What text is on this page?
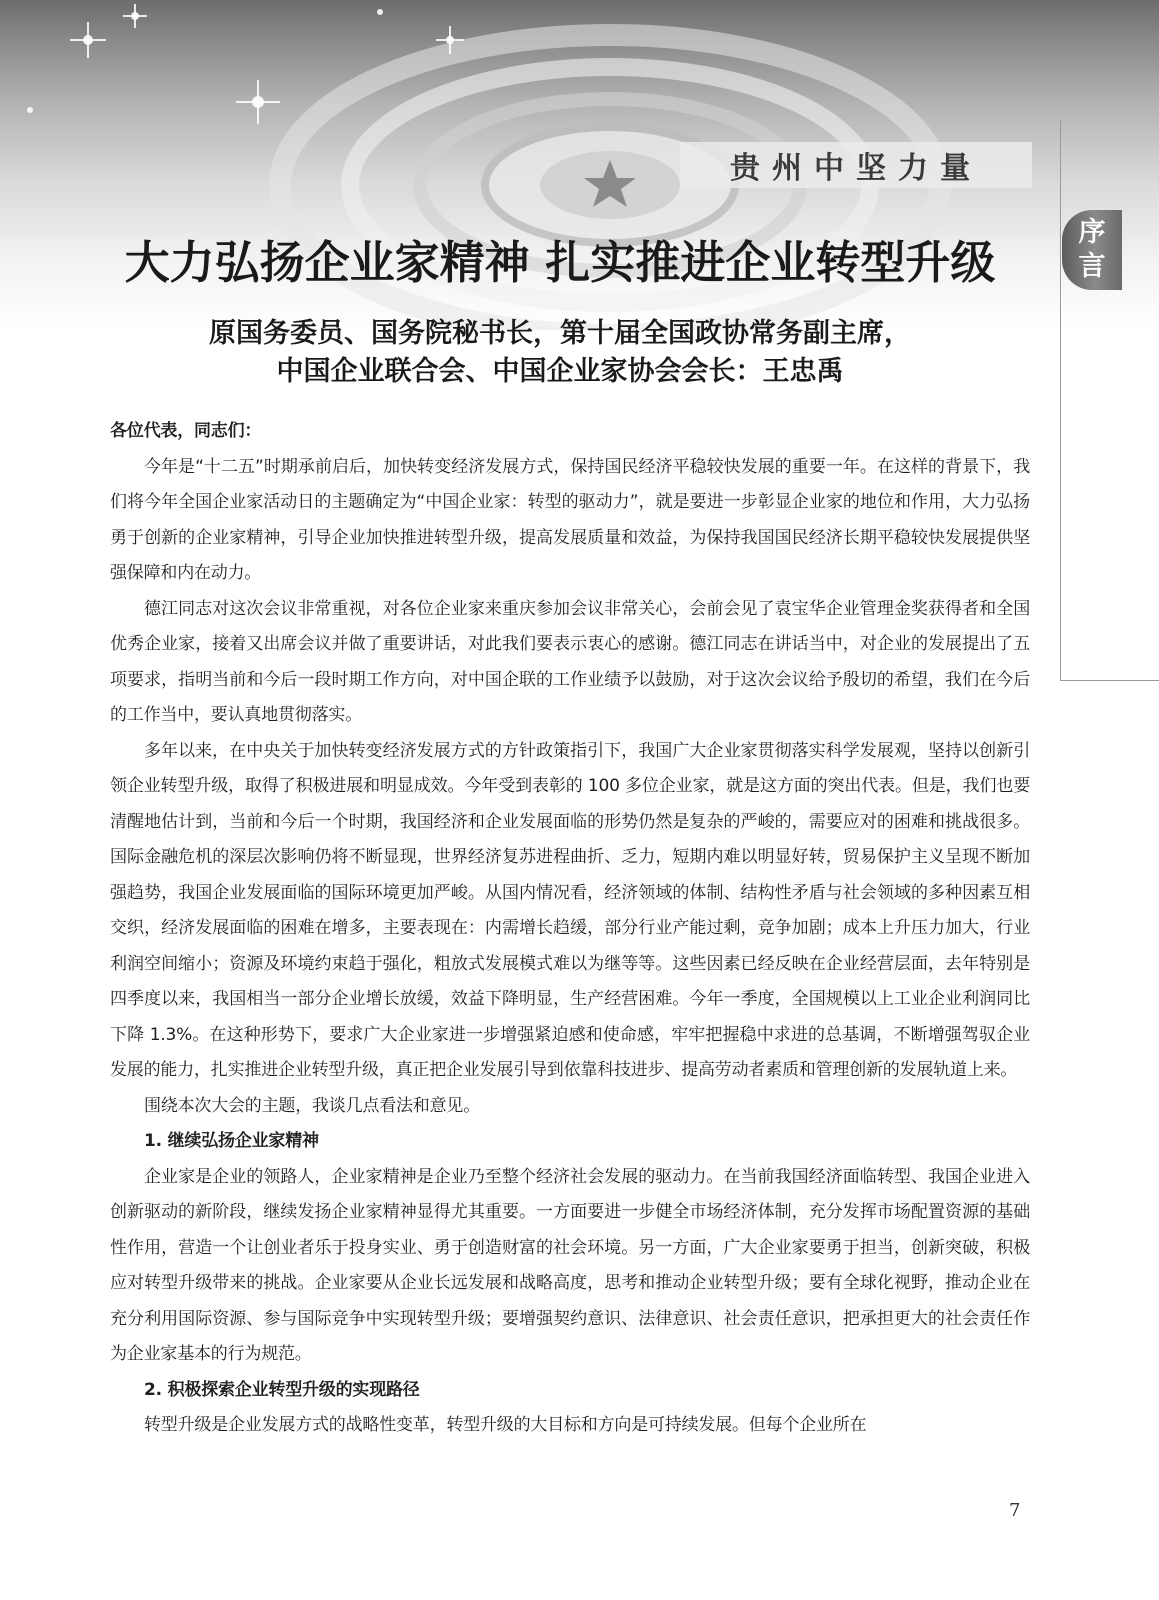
贵州中坚力量
序
言
大力弘扬企业家精神 扎实推进企业转型升级
原国务委员、国务院秘书长，第十届全国政协常务副主席，
中国企业联合会、中国企业家协会会长：王忠禹

各位代表，同志们：

今年是“十二五”时期承前启后，加快转变经济发展方式，保持国民经济平稳较快发展的重要一年。在这样的背景下，我们将今年全国企业家活动日的主题确定为“中国企业家：转型的驱动力”，就是要进一步彰显企业家的地位和作用，大力弘扬勇于创新的企业家精神，引导企业加快推进转型升级，提高发展质量和效益，为保持我国国民经济长期平稳较快发展提供坚强保障和内在动力。

德江同志对这次会议非常重视，对各位企业家来重庆参加会议非常关心，会前会见了袁宝华企业管理金奖获得者和全国优秀企业家，接着又出席会议并做了重要讲话，对此我们要表示衷心的感谢。德江同志在讲话当中，对企业的发展提出了五项要求，指明当前和今后一段时期工作方向，对中国企联的工作业绩予以鼓励，对于这次会议给予殷切的希望，我们在今后的工作当中，要认真地贯彻落实。

多年以来，在中央关于加快转变经济发展方式的方针政策指引下，我国广大企业家贯彻落实科学发展观，坚持以创新引领企业转型升级，取得了积极进展和明显成效。今年受到表彰的 100 多位企业家，就是这方面的突出代表。但是，我们也要清醒地估计到，当前和今后一个时期，我国经济和企业发展面临的形势仍然是复杂的严峻的，需要应对的困难和挑战很多。国际金融危机的深层次影响仍将不断显现，世界经济复苏进程曲折、乏力，短期内难以明显好转，贸易保护主义呈现不断加强趋势，我国企业发展面临的国际环境更加严峻。从国内情况看，经济领域的体制、结构性矛盾与社会领域的多种因素互相交织，经济发展面临的困难在增多，主要表现在：内需增长趋缓，部分行业产能过剩，竞争加剧；成本上升压力加大，行业利润空间缩小；资源及环境约束趋于强化，粗放式发展模式难以为继等等。这些因素已经反映在企业经营层面，去年特别是四季度以来，我国相当一部分企业增长放缓，效益下降明显，生产经营困难。今年一季度，全国规模以上工业企业利润同比下降 1.3%。在这种形势下，要求广大企业家进一步增强紧迫感和使命感，牢牢把握稳中求进的总基调，不断增强驾驭企业发展的能力，扎实推进企业转型升级，真正把企业发展引导到依靠科技进步、提高劳动者素质和管理创新的发展轨道上来。

围绕本次大会的主题，我谈几点看法和意见。

1. 继续弘扬企业家精神

企业家是企业的领路人，企业家精神是企业乃至整个经济社会发展的驱动力。在当前我国经济面临转型、我国企业进入创新驱动的新阶段，继续发扬企业家精神显得尤其重要。一方面要进一步健全市场经济体制，充分发挥市场配置资源的基础性作用，营造一个让创业者乐于投身实业、勇于创造财富的社会环境。另一方面，广大企业家要勇于担当，创新突破，积极应对转型升级带来的挑战。企业家要从企业长远发展和战略高度，思考和推动企业转型升级；要有全球化视野，推动企业在充分利用国际资源、参与国际竞争中实现转型升级；要增强契约意识、法律意识、社会责任意识，把承担更大的社会责任作为企业家基本的行为规范。

2. 积极探索企业转型升级的实现路径

转型升级是企业发展方式的战略性变革，转型升级的大目标和方向是可持续发展。但每个企业所在

7
